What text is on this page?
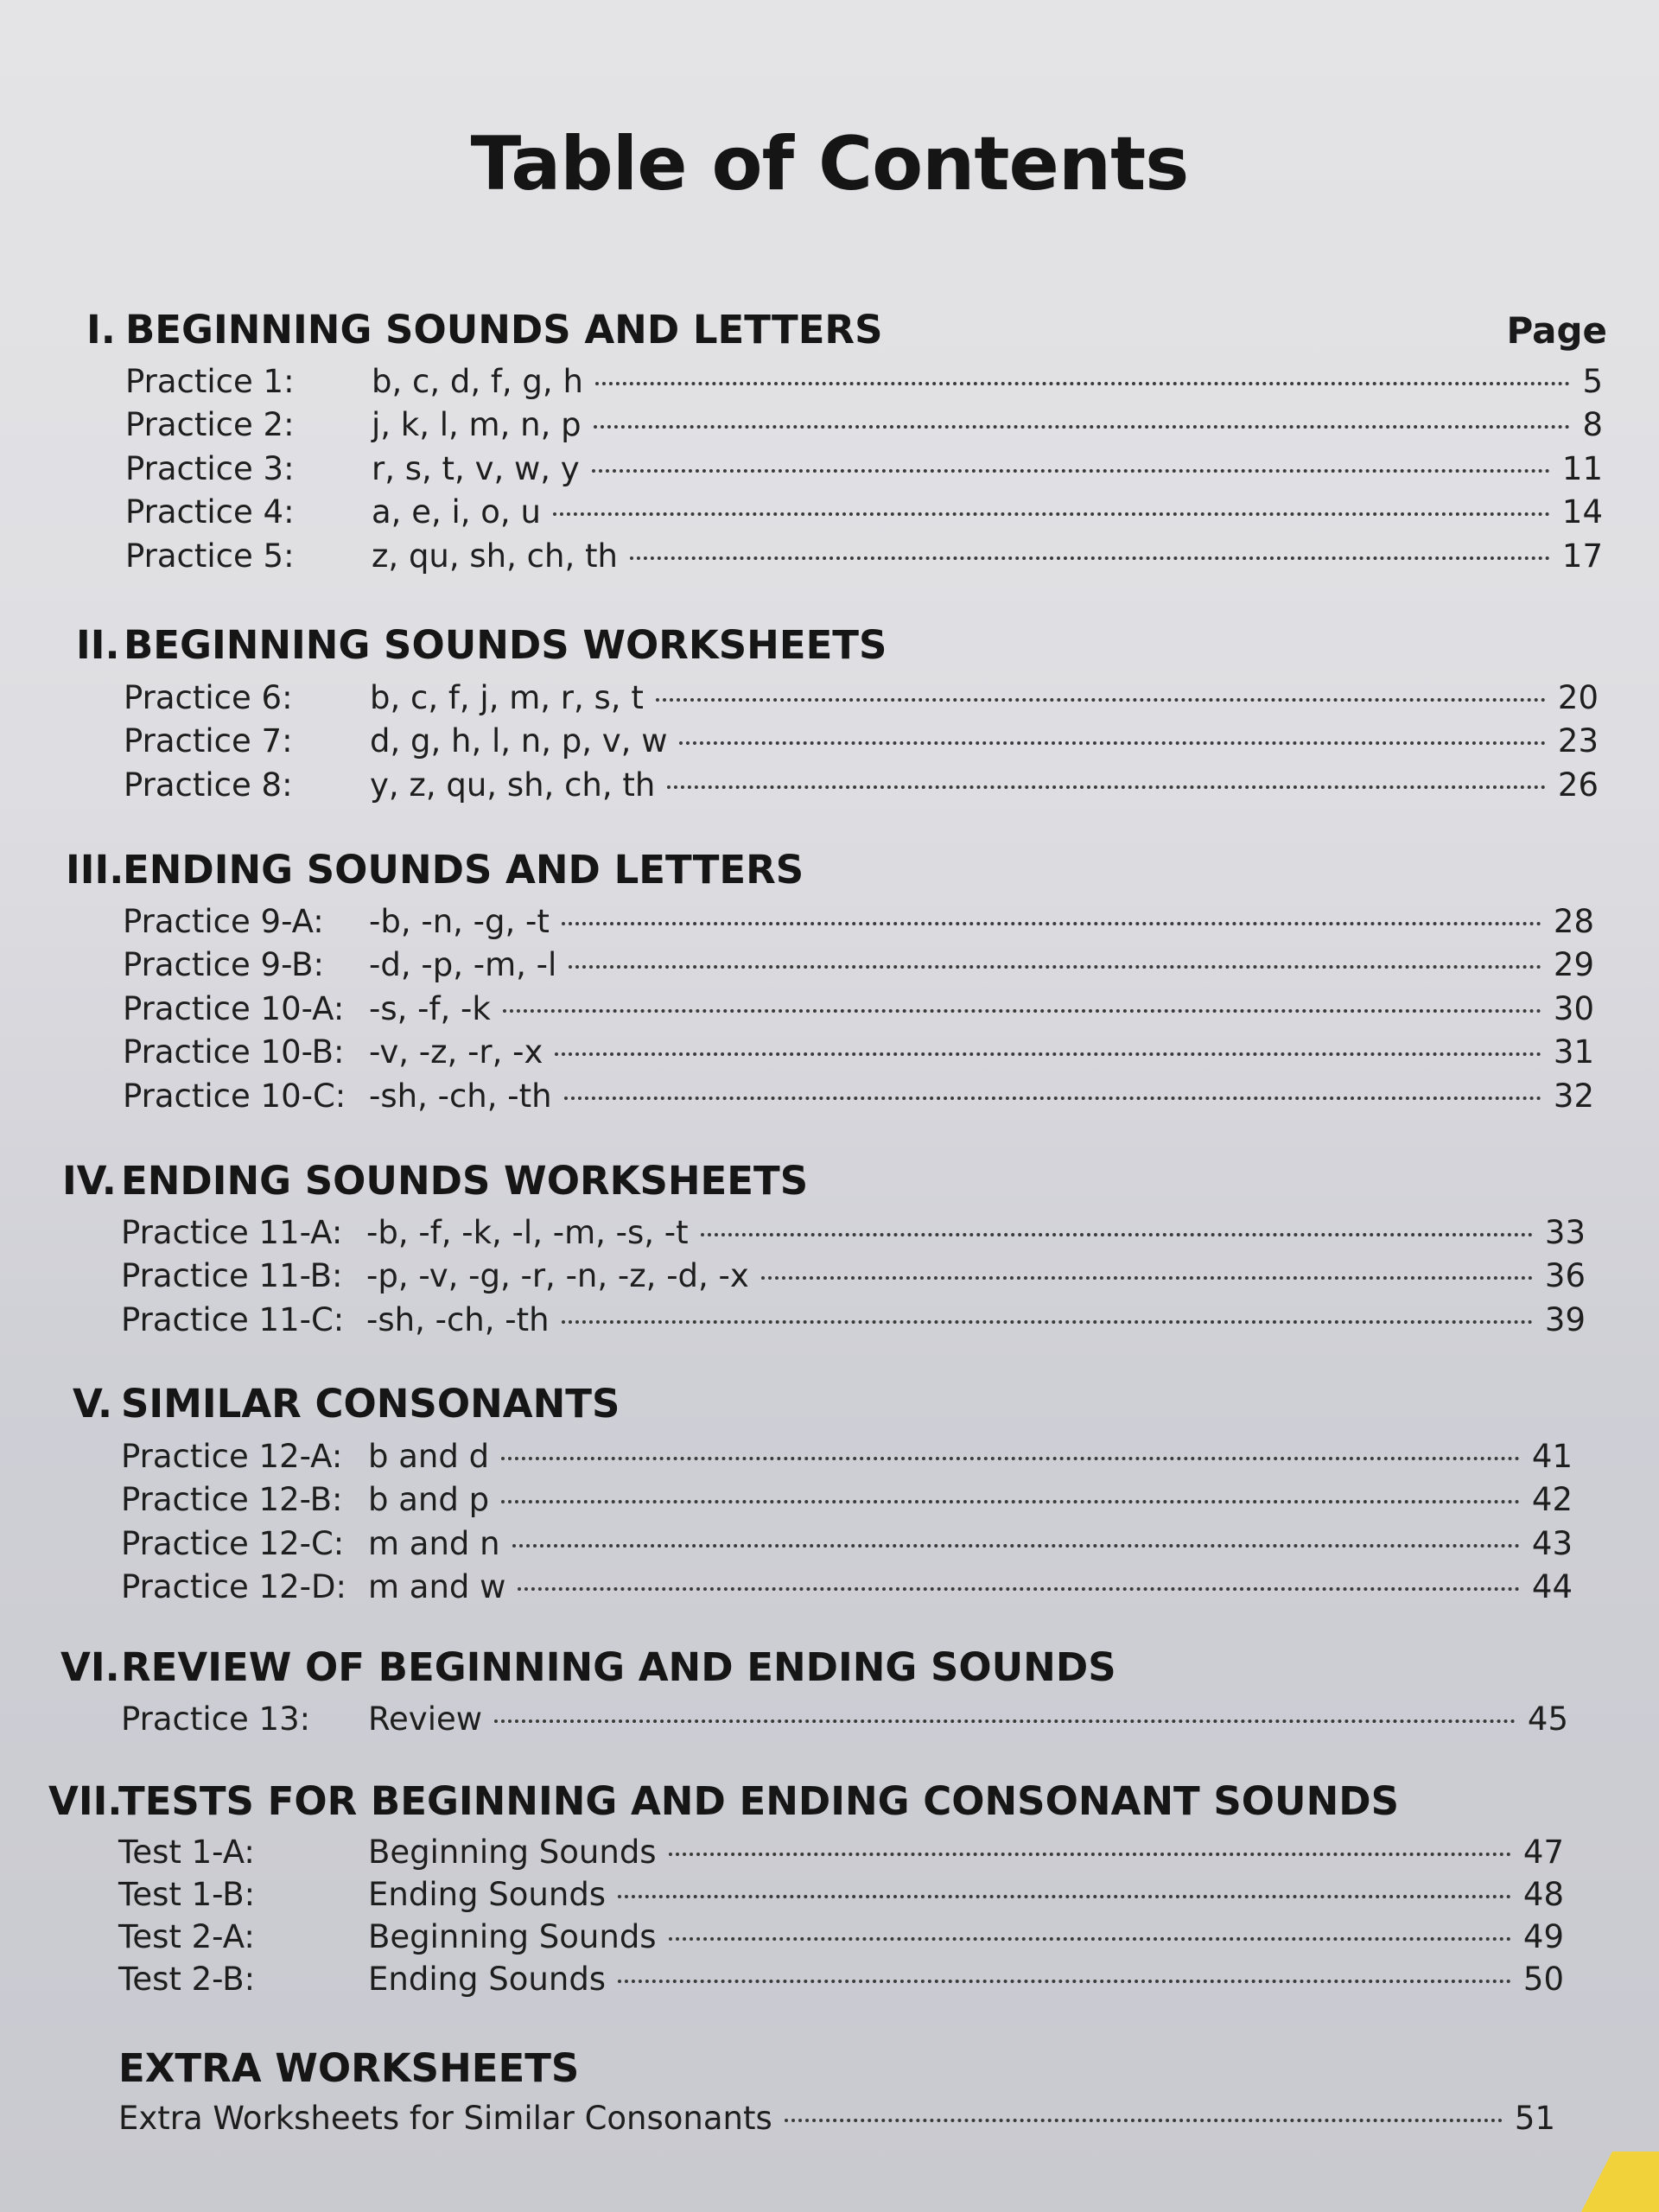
Table of Contents
Page
I. BEGINNING SOUNDS AND LETTERS
Practice 1:	b, c, d, f, g, h	5
Practice 2:	j, k, l, m, n, p	8
Practice 3:	r, s, t, v, w, y	11
Practice 4:	a, e, i, o, u	14
Practice 5:	z, qu, sh, ch, th	17
II.BEGINNING SOUNDS WORKSHEETS
Practice 6:	b, c, f, j, m, r, s, t	20
Practice 7:	d, g, h, l, n, p, v, w	23
Practice 8:	y, z, qu, sh, ch, th	26
III.ENDING SOUNDS AND LETTERS
Practice 9-A:	-b, -n, -g, -t	28
Practice 9-B:	-d, -p, -m, -l	29
Practice 10-A: -s, -f, -k	30
Practice 10-B: -v, -z, -r, -x	31
Practice 10-C: -sh, -ch, -th	32
IV. ENDING SOUNDS WORKSHEETS
Practice 11-A: -b, -f, -k, -l, -m, -s, -t	33
Practice 11-B: -p, -v, -g, -r, -n, -z, -d, -x	36
Practice 11-C: -sh, -ch, -th	39
V. SIMILAR CONSONANTS
Practice 12-A: b and d	41
Practice 12-B: b and p	42
Practice 12-C: m and n	43
Practice 12-D: m and w	44
VI.REVIEW OF BEGINNING AND ENDING SOUNDS
Practice 13:	Review	45
VII.TESTS FOR BEGINNING AND ENDING CONSONANT SOUNDS
Test 1-A:	Beginning Sounds	47
Test 1-B:	Ending Sounds	48
Test 2-A:	Beginning Sounds	49
Test 2-B:	Ending Sounds	50
EXTRA WORKSHEETS
Extra Worksheets for Similar Consonants	51
